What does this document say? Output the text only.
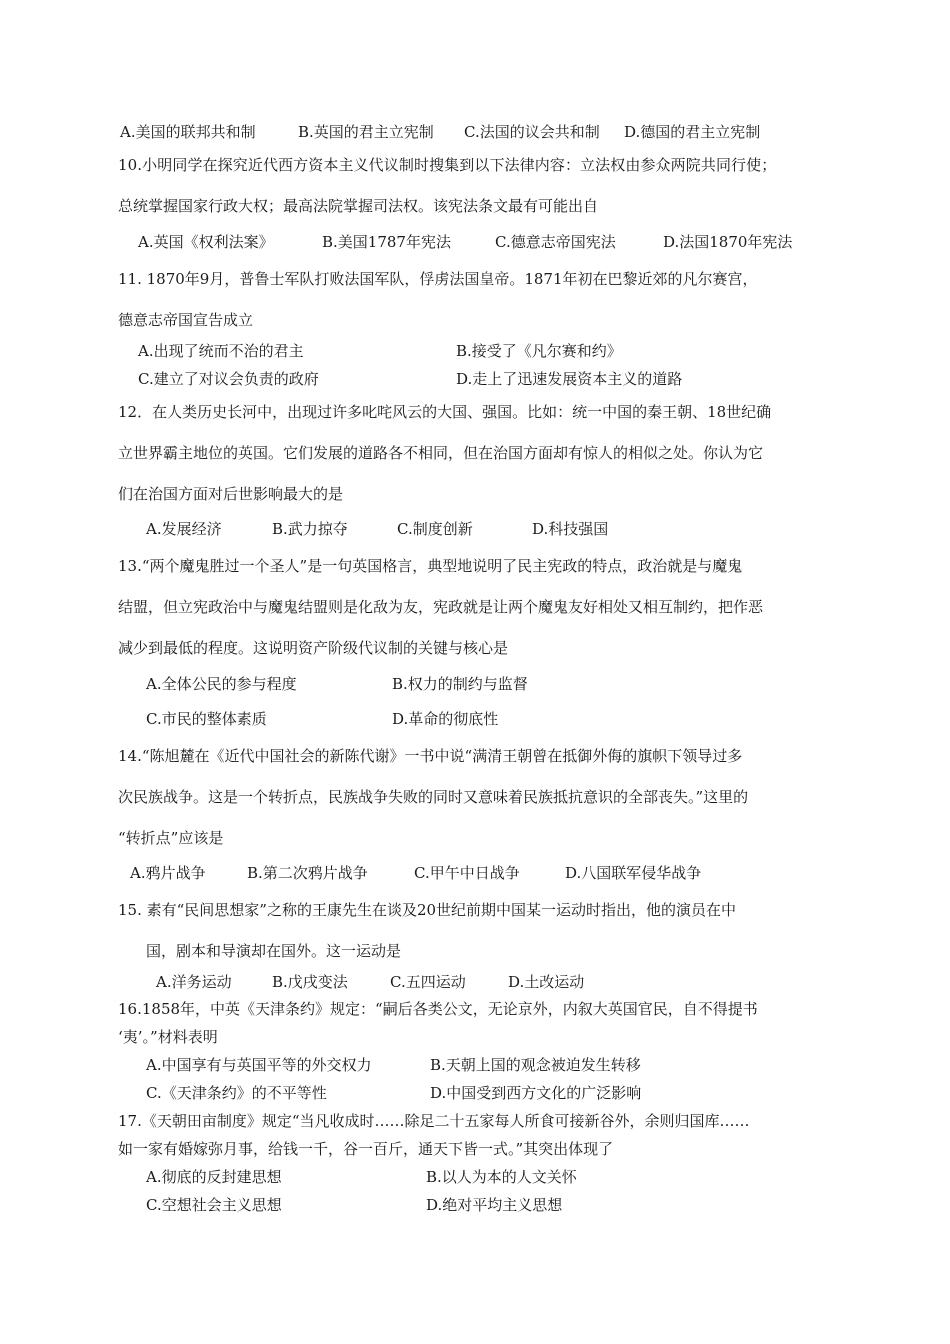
A.美国的联邦共和制	B.英国的君主立宪制 C.法国的议会共和制 D.德国的君主立宪制
10.小明同学在探究近代西方资本主义代议制时搜集到以下法律内容：立法权由参众两院共同行使；
总统掌握国家行政大权；最高法院掌握司法权。该宪法条文最有可能出自
A.英国《权利法案》	B.美国1787年宪法	C.德意志帝国宪法	D.法国1870年宪法
11. 1870年9月，普鲁士军队打败法国军队，俘虏法国皇帝。1871年初在巴黎近郊的凡尔赛宫，
德意志帝国宣告成立
A.出现了统而不治的君主	B.接受了《凡尔赛和约》
C.建立了对议会负责的政府	D.走上了迅速发展资本主义的道路
12．在人类历史长河中，出现过许多叱咤风云的大国、强国。比如：统一中国的秦王朝、18世纪确
立世界霸主地位的英国。它们发展的道路各不相同，但在治国方面却有惊人的相似之处。你认为它
们在治国方面对后世影响最大的是
A.发展经济	B.武力掠夺	C.制度创新	D.科技强国
13.“两个魔鬼胜过一个圣人”是一句英国格言，典型地说明了民主宪政的特点，政治就是与魔鬼
结盟，但立宪政治中与魔鬼结盟则是化敌为友，宪政就是让两个魔鬼友好相处又相互制约，把作恶
减少到最低的程度。这说明资产阶级代议制的关键与核心是
A.全体公民的参与程度	B.权力的制约与监督
C.市民的整体素质	D.革命的彻底性
14.“陈旭麓在《近代中国社会的新陈代谢》一书中说“满清王朝曾在抵御外侮的旗帜下领导过多
次民族战争。这是一个转折点，民族战争失败的同时又意味着民族抵抗意识的全部丧失。”这里的
“转折点”应该是
A.鸦片战争	B.第二次鸦片战争	C.甲午中日战争	D.八国联军侵华战争
15. 素有“民间思想家”之称的王康先生在谈及20世纪前期中国某一运动时指出，他的演员在中
国，剧本和导演却在国外。这一运动是
A.洋务运动	B.戊戌变法	C.五四运动	D.土改运动
16.1858年，中英《天津条约》规定：“嗣后各类公文，无论京外，内叙大英国官民，自不得提书
‘夷’。”材料表明
A.中国享有与英国平等的外交权力	B.天朝上国的观念被迫发生转移
C.《天津条约》的不平等性	D.中国受到西方文化的广泛影响
17.《天朝田亩制度》规定“当凡收成时……除足二十五家每人所食可接新谷外，余则归国库……
如一家有婚嫁弥月事，给钱一千，谷一百斤，通天下皆一式。”其突出体现了
A.彻底的反封建思想	B.以人为本的人文关怀
C.空想社会主义思想	D.绝对平均主义思想
